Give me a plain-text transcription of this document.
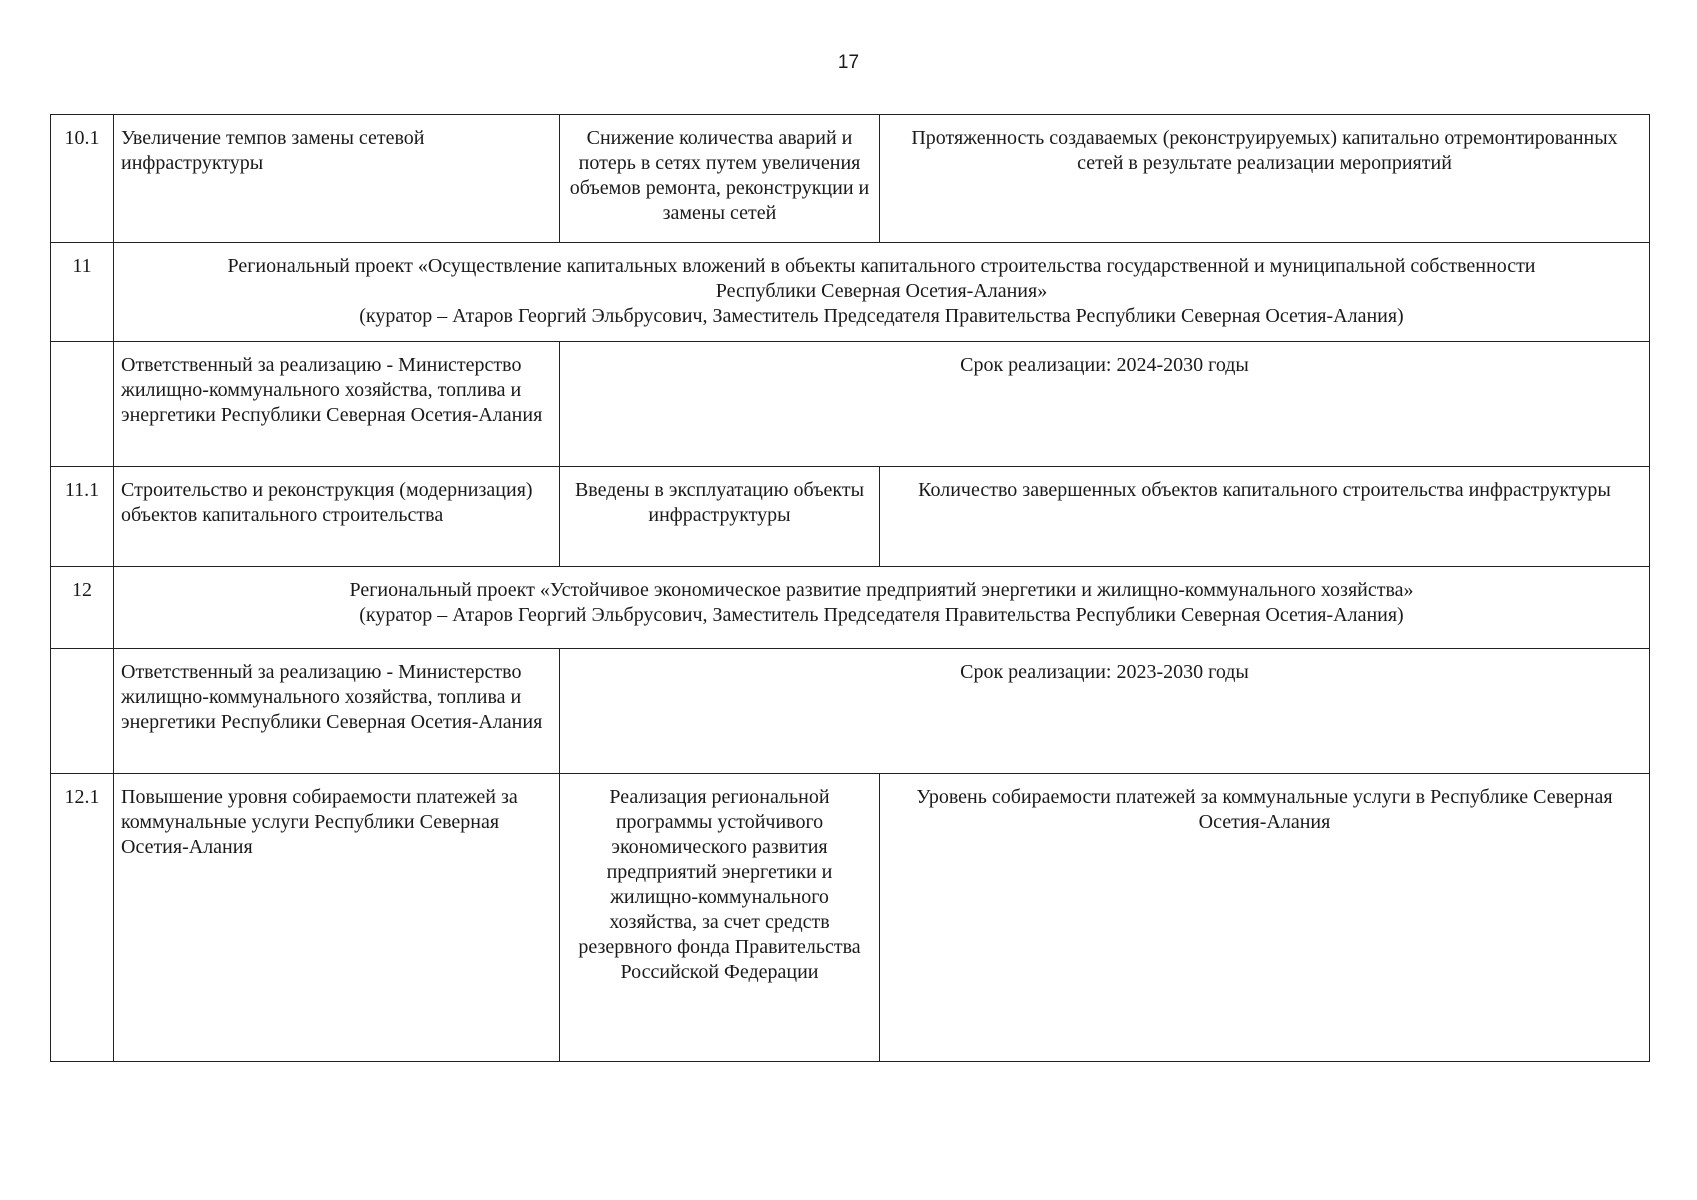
17
10.1	Увеличение темпов замены сетевой инфраструктуры	Снижение количества аварий и потерь в сетях путем увеличения объемов ремонта, реконструкции и замены сетей	Протяженность создаваемых (реконструируемых) капитально отремонтированных сетей в результате реализации мероприятий
11	Региональный проект «Осуществление капитальных вложений в объекты капитального строительства государственной и муниципальной собственности
Республики Северная Осетия-Алания»
(куратор – Атаров Георгий Эльбрусович, Заместитель Председателя Правительства Республики Северная Осетия-Алания)		

	Ответственный за реализацию - Министерство жилищно-коммунального хозяйства, топлива и энергетики Республики Северная Осетия-Алания	Срок реализации: 2024-2030 годы	
11.1	Строительство и реконструкция (модернизация) объектов капитального строительства	Введены в эксплуатацию объекты инфраструктуры	Количество завершенных объектов капитального строительства инфраструктуры
12	Региональный проект «Устойчивое экономическое развитие предприятий энергетики и жилищно-коммунального хозяйства»
(куратор – Атаров Георгий Эльбрусович, Заместитель Председателя Правительства Республики Северная Осетия-Алания)		

	Ответственный за реализацию - Министерство жилищно-коммунального хозяйства, топлива и энергетики Республики Северная Осетия-Алания	Срок реализации: 2023-2030 годы	
12.1	Повышение уровня собираемости платежей за коммунальные услуги Республики Северная Осетия-Алания	Реализация региональной программы устойчивого экономического развития предприятий энергетики и жилищно-коммунального хозяйства, за счет средств резервного фонда Правительства Российской Федерации	Уровень собираемости платежей за коммунальные услуги в Республике Северная Осетия-Алания
